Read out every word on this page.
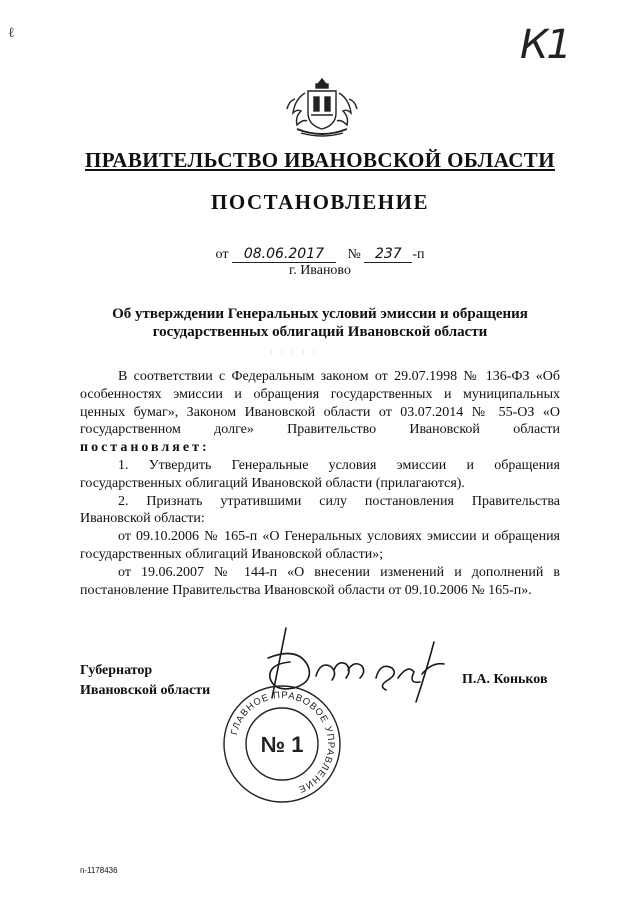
ℓ	К1
ПРАВИТЕЛЬСТВО ИВАНОВСКОЙ ОБЛАСТИ
ПОСТАНОВЛЕНИЕ
от 08.06.2017 № 237 -п
г. Иваново
Об утверждении Генеральных условий эмиссии и обращения государственных облигаций Ивановской области
· · · · ·

В соответствии с Федеральным законом от 29.07.1998 № 136-ФЗ «Об особенностях эмиссии и обращения государственных и муниципальных ценных бумаг», Законом Ивановской области от 03.07.2014 № 55-ОЗ «О государственном долге» Правительство Ивановской области постановляет:

1. Утвердить Генеральные условия эмиссии и обращения государственных облигаций Ивановской области (прилагаются).

2. Признать утратившими силу постановления Правительства Ивановской области:

от 09.10.2006 № 165-п «О Генеральных условиях эмиссии и обращения государственных облигаций Ивановской области»;

от 19.06.2007 № 144-п «О внесении изменений и дополнений в постановление Правительства Ивановской области от 09.10.2006 № 165-п».

Губернатор
Ивановской области
ГЛАВНОЕ ПРАВОВОЕ УПРАВЛЕНИЕ
№ 1
П.А. Коньков
п-1178436
